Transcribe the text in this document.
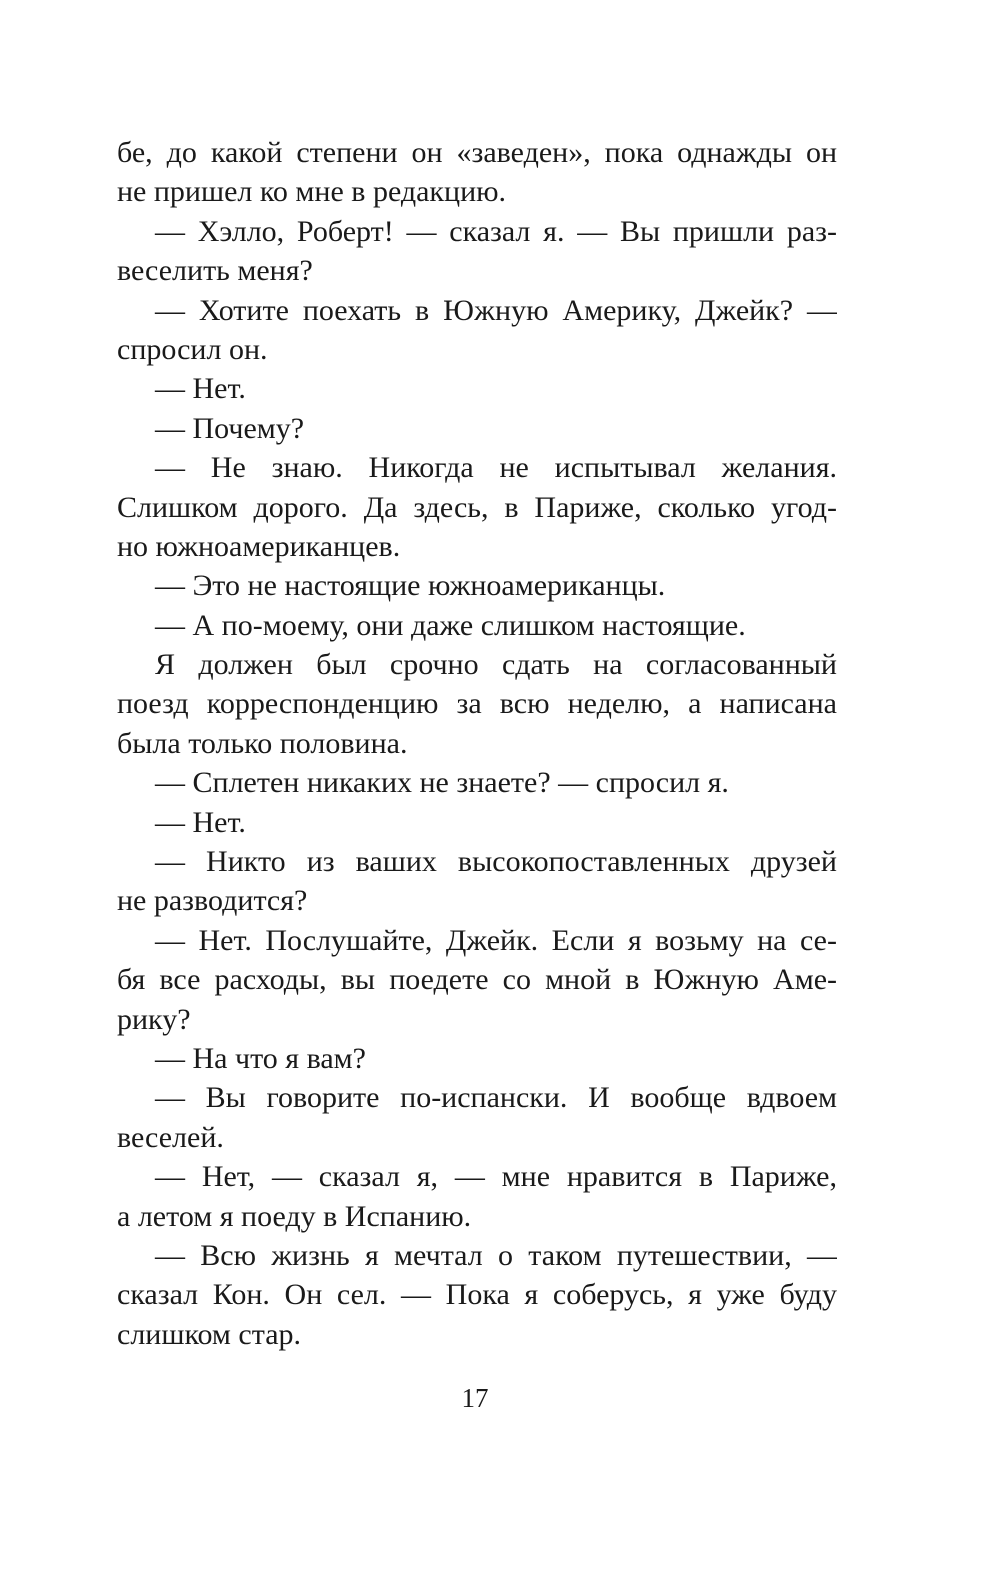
бе, до какой степени он «заведен», пока однажды он
не пришел ко мне в редакцию.
— Хэлло, Роберт! — сказал я. — Вы пришли раз-
веселить меня?
— Хотите поехать в Южную Америку, Джейк? —
спросил он.
— Нет.
— Почему?
— Не знаю. Никогда не испытывал желания.
Слишком дорого. Да здесь, в Париже, сколько угод-
но южноамериканцев.
— Это не настоящие южноамериканцы.
— А по-моему, они даже слишком настоящие.
Я должен был срочно сдать на согласованный
поезд корреспонденцию за всю неделю, а написана
была только половина.
— Сплетен никаких не знаете? — спросил я.
— Нет.
— Никто из ваших высокопоставленных друзей
не разводится?
— Нет. Послушайте, Джейк. Если я возьму на се-
бя все расходы, вы поедете со мной в Южную Аме-
рику?
— На что я вам?
— Вы говорите по-испански. И вообще вдвоем
веселей.
— Нет, — сказал я, — мне нравится в Париже,
а летом я поеду в Испанию.
— Всю жизнь я мечтал о таком путешествии, —
сказал Кон. Он сел. — Пока я соберусь, я уже буду
слишком стар.
17
